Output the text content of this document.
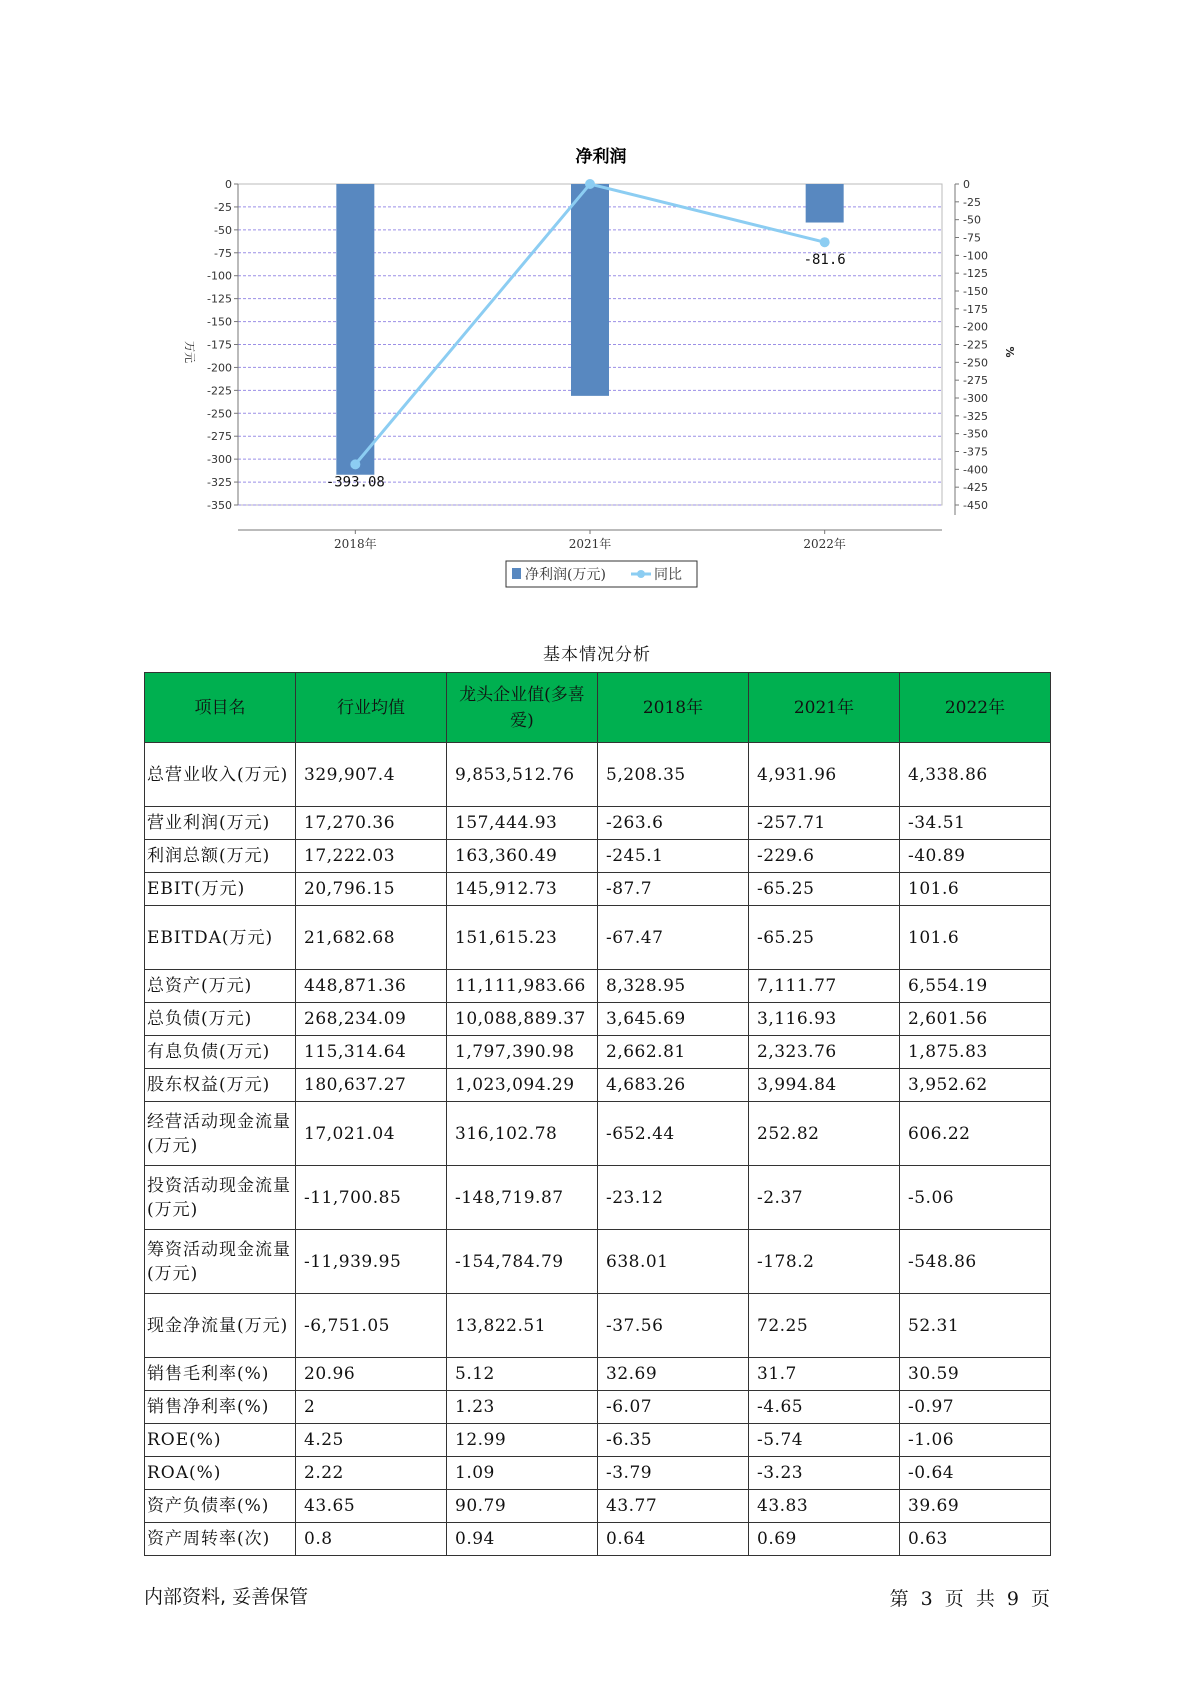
净利润
0
-25
-50
-75
-100
-125
-150
-175
-200
-225
-250
-275
-300
-325
-350
0
-25
-50
-75
-100
-125
-150
-175
-200
-225
-250
-275
-300
-325
-350
-375
-400
-425
-450
2018年	2021年	2022年
-393.08
-81.6
万元	%
净利润(万元)	同比
基本情况分析
项目名	行业均值	龙头企业值(多喜爱)	2018年	2021年	2022年
总营业收入(万元)	329,907.4	9,853,512.76	5,208.35	4,931.96	4,338.86
营业利润(万元)	17,270.36	157,444.93	-263.6	-257.71	-34.51
利润总额(万元)	17,222.03	163,360.49	-245.1	-229.6	-40.89
EBIT(万元)	20,796.15	145,912.73	-87.7	-65.25	101.6
EBITDA(万元)	21,682.68	151,615.23	-67.47	-65.25	101.6
总资产(万元)	448,871.36	11,111,983.66	8,328.95	7,111.77	6,554.19
总负债(万元)	268,234.09	10,088,889.37	3,645.69	3,116.93	2,601.56
有息负债(万元)	115,314.64	1,797,390.98	2,662.81	2,323.76	1,875.83
股东权益(万元)	180,637.27	1,023,094.29	4,683.26	3,994.84	3,952.62
经营活动现金流量(万元)	17,021.04	316,102.78	-652.44	252.82	606.22
投资活动现金流量(万元)	-11,700.85	-148,719.87	-23.12	-2.37	-5.06
筹资活动现金流量(万元)	-11,939.95	-154,784.79	638.01	-178.2	-548.86
现金净流量(万元)	-6,751.05	13,822.51	-37.56	72.25	52.31
销售毛利率(%)	20.96	5.12	32.69	31.7	30.59
销售净利率(%)	2	1.23	-6.07	-4.65	-0.97
ROE(%)	4.25	12.99	-6.35	-5.74	-1.06
ROA(%)	2.22	1.09	-3.79	-3.23	-0.64
资产负债率(%)	43.65	90.79	43.77	43.83	39.69
资产周转率(次)	0.8	0.94	0.64	0.69	0.63
内部资料, 妥善保管	第 3 页 共 9 页
